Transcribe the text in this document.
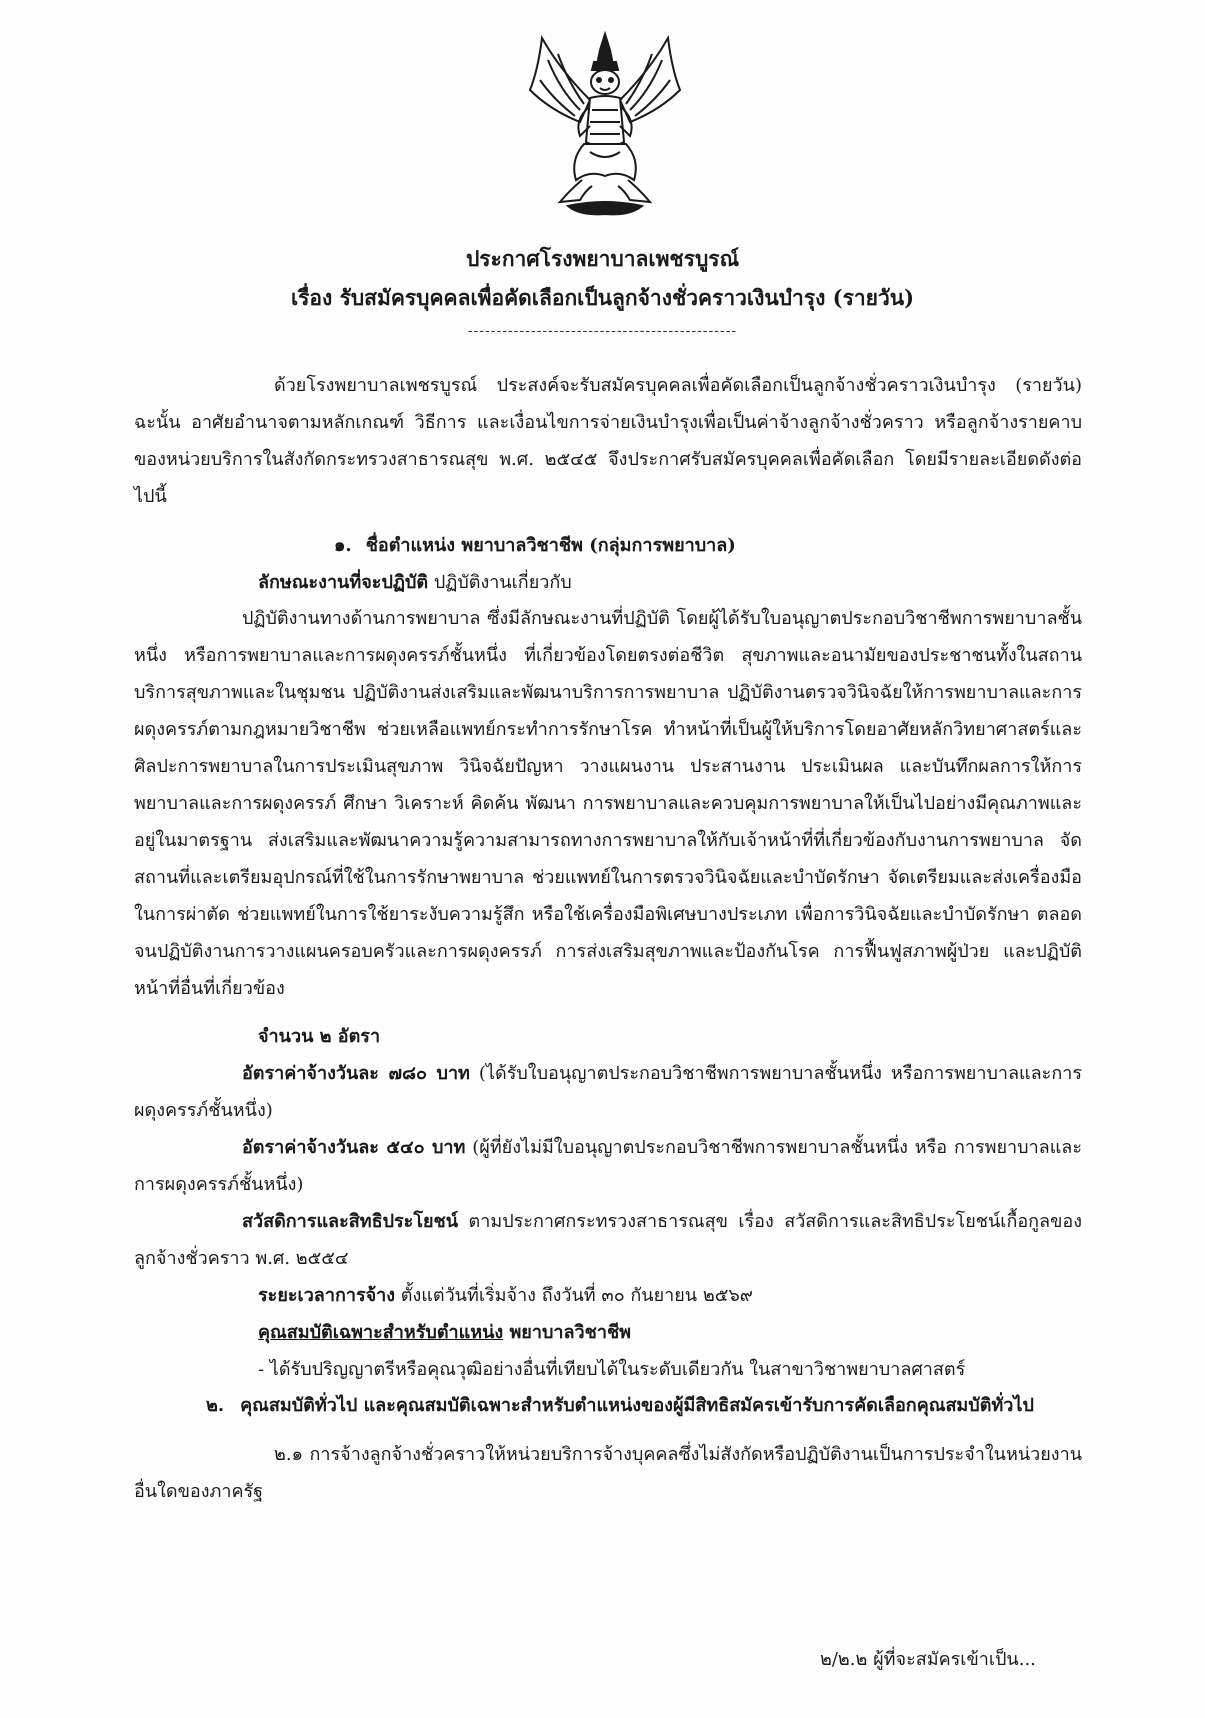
ประกาศโรงพยาบาลเพชรบูรณ์
เรื่อง รับสมัครบุคคลเพื่อคัดเลือกเป็นลูกจ้างชั่วคราวเงินบำรุง (รายวัน)
-----------------------------------------------

ด้วยโรงพยาบาลเพชรบูรณ์ ประสงค์จะรับสมัครบุคคลเพื่อคัดเลือกเป็นลูกจ้างชั่วคราวเงินบำรุง (รายวัน) ฉะนั้น อาศัยอำนาจตามหลักเกณฑ์ วิธีการ และเงื่อนไขการจ่ายเงินบำรุงเพื่อเป็นค่าจ้างลูกจ้างชั่วคราว หรือลูกจ้างรายคาบของหน่วยบริการในสังกัดกระทรวงสาธารณสุข พ.ศ. ๒๕๔๕ จึงประกาศรับสมัครบุคคลเพื่อคัดเลือก โดยมีรายละเอียดดังต่อไปนี้

๑. ชื่อตำแหน่ง พยาบาลวิชาชีพ (กลุ่มการพยาบาล)

ลักษณะงานที่จะปฏิบัติ ปฏิบัติงานเกี่ยวกับ

ปฏิบัติงานทางด้านการพยาบาล ซึ่งมีลักษณะงานที่ปฏิบัติ โดยผู้ได้รับใบอนุญาตประกอบวิชาชีพการพยาบาลชั้นหนึ่ง หรือการพยาบาลและการผดุงครรภ์ชั้นหนึ่ง ที่เกี่ยวข้องโดยตรงต่อชีวิต สุขภาพและอนามัยของประชาชนทั้งในสถานบริการสุขภาพและในชุมชน ปฏิบัติงานส่งเสริมและพัฒนาบริการการพยาบาล ปฏิบัติงานตรวจวินิจฉัยให้การพยาบาลและการผดุงครรภ์ตามกฎหมายวิชาชีพ ช่วยเหลือแพทย์กระทำการรักษาโรค ทำหน้าที่เป็นผู้ให้บริการโดยอาศัยหลักวิทยาศาสตร์และศิลปะการพยาบาลในการประเมินสุขภาพ วินิจฉัยปัญหา วางแผนงาน ประสานงาน ประเมินผล และบันทึกผลการให้การพยาบาลและการผดุงครรภ์ ศึกษา วิเคราะห์ คิดค้น พัฒนา การพยาบาลและควบคุมการพยาบาลให้เป็นไปอย่างมีคุณภาพและอยู่ในมาตรฐาน ส่งเสริมและพัฒนาความรู้ความสามารถทางการพยาบาลให้กับเจ้าหน้าที่ที่เกี่ยวข้องกับงานการพยาบาล จัดสถานที่และเตรียมอุปกรณ์ที่ใช้ในการรักษาพยาบาล ช่วยแพทย์ในการตรวจวินิจฉัยและบำบัดรักษา จัดเตรียมและส่งเครื่องมือในการผ่าตัด ช่วยแพทย์ในการใช้ยาระงับความรู้สึก หรือใช้เครื่องมือพิเศษบางประเภท เพื่อการวินิจฉัยและบำบัดรักษา ตลอดจนปฏิบัติงานการวางแผนครอบครัวและการผดุงครรภ์ การส่งเสริมสุขภาพและป้องกันโรค การฟื้นฟูสภาพผู้ป่วย และปฏิบัติหน้าที่อื่นที่เกี่ยวข้อง

จำนวน ๒ อัตรา

อัตราค่าจ้างวันละ ๗๘๐ บาท (ได้รับใบอนุญาตประกอบวิชาชีพการพยาบาลชั้นหนึ่ง หรือการพยาบาลและการผดุงครรภ์ชั้นหนึ่ง)

อัตราค่าจ้างวันละ ๕๔๐ บาท (ผู้ที่ยังไม่มีใบอนุญาตประกอบวิชาชีพการพยาบาลชั้นหนึ่ง หรือ การพยาบาลและการผดุงครรภ์ชั้นหนึ่ง)

สวัสดิการและสิทธิประโยชน์ ตามประกาศกระทรวงสาธารณสุข เรื่อง สวัสดิการและสิทธิประโยชน์เกื้อกูลของลูกจ้างชั่วคราว พ.ศ. ๒๕๕๔

ระยะเวลาการจ้าง ตั้งแต่วันที่เริ่มจ้าง ถึงวันที่ ๓๐ กันยายน ๒๕๖๙

คุณสมบัติเฉพาะสำหรับตำแหน่ง พยาบาลวิชาชีพ

- ได้รับปริญญาตรีหรือคุณวุฒิอย่างอื่นที่เทียบได้ในระดับเดียวกัน ในสาขาวิชาพยาบาลศาสตร์

๒. คุณสมบัติทั่วไป และคุณสมบัติเฉพาะสำหรับตำแหน่งของผู้มีสิทธิสมัครเข้ารับการคัดเลือกคุณสมบัติทั่วไป

๒.๑ การจ้างลูกจ้างชั่วคราวให้หน่วยบริการจ้างบุคคลซึ่งไม่สังกัดหรือปฏิบัติงานเป็นการประจำในหน่วยงานอื่นใดของภาครัฐ

๒/๒.๒ ผู้ที่จะสมัครเข้าเป็น...
